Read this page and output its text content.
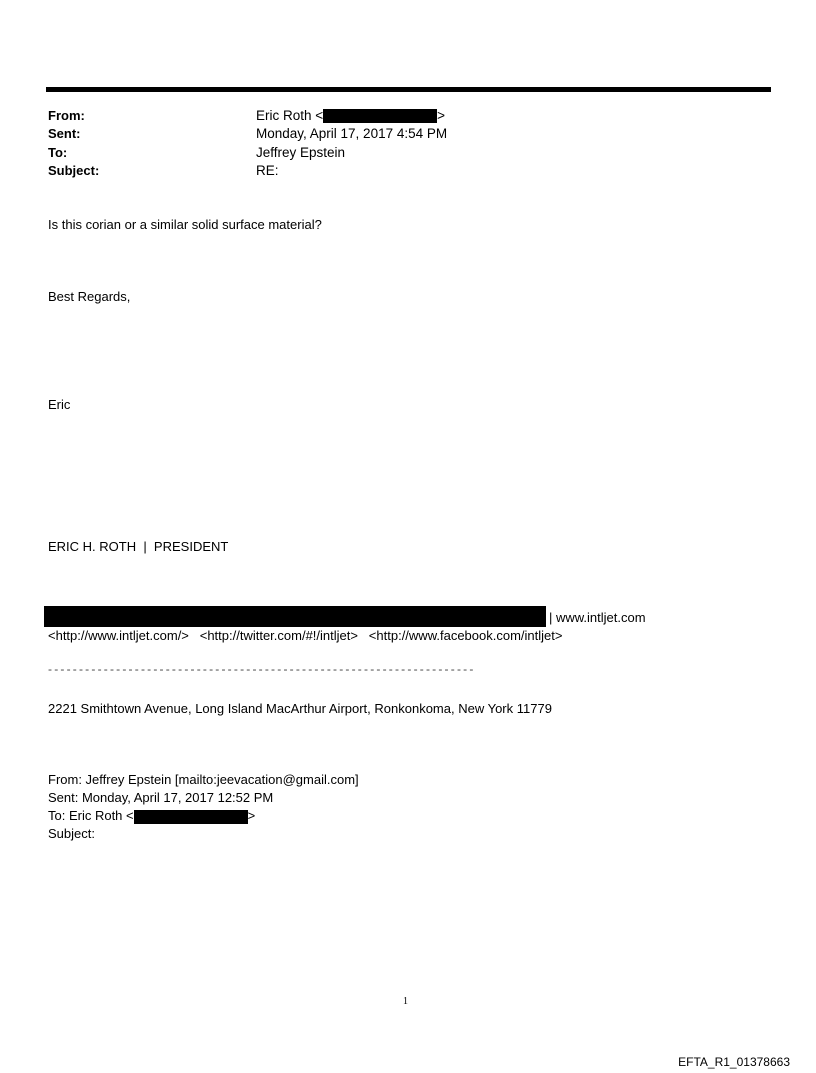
From:	Eric Roth <	>
Sent:	Monday, April 17, 2017 4:54 PM
To:	Jeffrey Epstein
Subject:	RE:
Is this corian or a similar solid surface material?
Best Regards,
Eric
ERIC H. ROTH  |  PRESIDENT
| www.intljet.com
<http://www.intljet.com/>   <http://twitter.com/#!/intljet>   <http://www.facebook.com/intljet>
---------------------------------------------------------------------
2221 Smithtown Avenue, Long Island MacArthur Airport, Ronkonkoma, New York 11779
From: Jeffrey Epstein [mailto:jeevacation@gmail.com]
Sent: Monday, April 17, 2017 12:52 PM
To: Eric Roth <	>
Subject:
1
EFTA_R1_01378663
